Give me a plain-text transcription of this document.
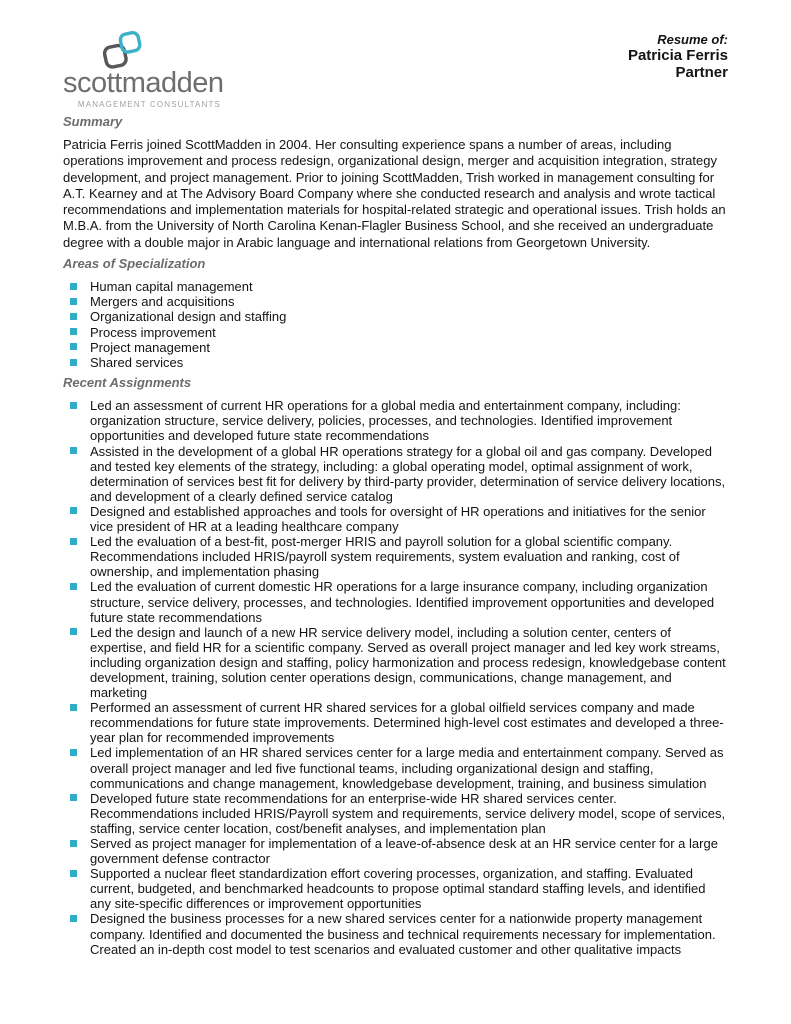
scottmadden
MANAGEMENT CONSULTANTS
Resume of:
Patricia Ferris
Partner
Summary

Patricia Ferris joined ScottMadden in 2004. Her consulting experience spans a number of areas, including operations improvement and process redesign, organizational design, merger and acquisition integration, strategy development, and project management. Prior to joining ScottMadden, Trish worked in management consulting for A.T. Kearney and at The Advisory Board Company where she conducted research and analysis and wrote tactical recommendations and implementation materials for hospital-related strategic and operational issues. Trish holds an M.B.A. from the University of North Carolina Kenan-Flagler Business School, and she received an undergraduate degree with a double major in Arabic language and international relations from Georgetown University.

Areas of Specialization
Human capital management
Mergers and acquisitions
Organizational design and staffing
Process improvement
Project management
Shared services
Recent Assignments
Led an assessment of current HR operations for a global media and entertainment company, including: organization structure, service delivery, policies, processes, and technologies. Identified improvement opportunities and developed future state recommendations
Assisted in the development of a global HR operations strategy for a global oil and gas company. Developed and tested key elements of the strategy, including: a global operating model, optimal assignment of work, determination of services best fit for delivery by third-party provider, determination of service delivery locations, and development of a clearly defined service catalog
Designed and established approaches and tools for oversight of HR operations and initiatives for the senior vice president of HR at a leading healthcare company
Led the evaluation of a best-fit, post-merger HRIS and payroll solution for a global scientific company. Recommendations included HRIS/payroll system requirements, system evaluation and ranking, cost of ownership, and implementation phasing
Led the evaluation of current domestic HR operations for a large insurance company, including organization structure, service delivery, processes, and technologies. Identified improvement opportunities and developed future state recommendations
Led the design and launch of a new HR service delivery model, including a solution center, centers of expertise, and field HR for a scientific company. Served as overall project manager and led key work streams, including organization design and staffing, policy harmonization and process redesign, knowledgebase content development, training, solution center operations design, communications, change management, and marketing
Performed an assessment of current HR shared services for a global oilfield services company and made recommendations for future state improvements. Determined high-level cost estimates and developed a three-year plan for recommended improvements
Led implementation of an HR shared services center for a large media and entertainment company. Served as overall project manager and led five functional teams, including organizational design and staffing, communications and change management, knowledgebase development, training, and business simulation
Developed future state recommendations for an enterprise-wide HR shared services center. Recommendations included HRIS/Payroll system and requirements, service delivery model, scope of services, staffing, service center location, cost/benefit analyses, and implementation plan
Served as project manager for implementation of a leave-of-absence desk at an HR service center for a large government defense contractor
Supported a nuclear fleet standardization effort covering processes, organization, and staffing. Evaluated current, budgeted, and benchmarked headcounts to propose optimal standard staffing levels, and identified any site-specific differences or improvement opportunities
Designed the business processes for a new shared services center for a nationwide property management company. Identified and documented the business and technical requirements necessary for implementation. Created an in-depth cost model to test scenarios and evaluated customer and other qualitative impacts
